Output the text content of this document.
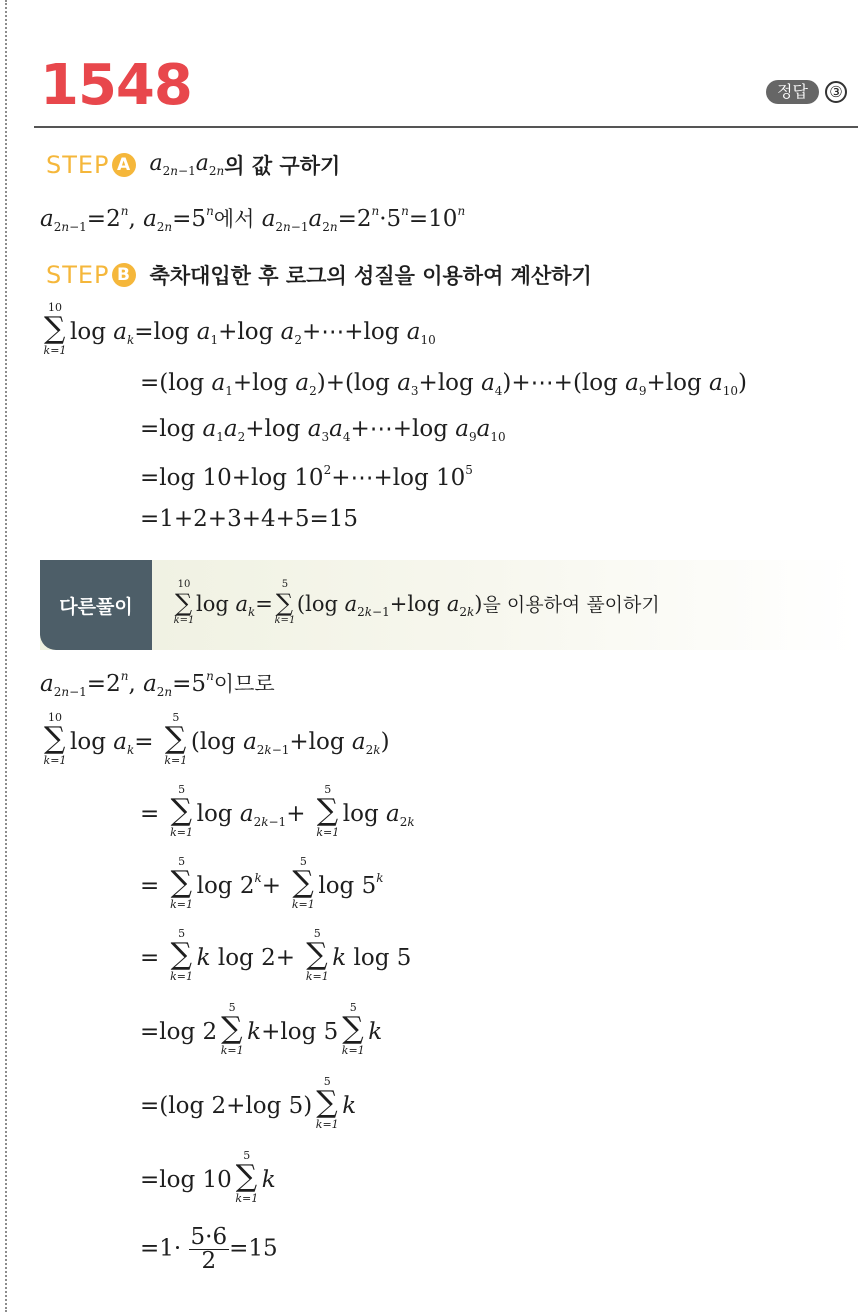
1548	정답	③
STEP A $a_{2n-1}a_{2n}$ 의 값 구하기
$a_{2n-1}=2^n$, $a_{2n}=5^n$에서 $a_{2n-1}a_{2n}=2^n\cdot 5^n=10^n$
STEP B 축차대입한 후 로그의 성질을 이용하여 계산하기
10
∑
k=1
$\log a_k=\log$ $a_1+\log$ $a_2+\cdots+\log$ $a_{10}$
=(log $a_1+\log$ $a_2)+(\log$ $a_3+\log$ $a_4)+\cdots+(\log$ $a_9+\log$ $a_{10}$)
=log $a_1a_2+\log$ $a_3a_4+\cdots+\log$ $a_9a_{10}$
=log 10+log $10^2+\cdots+\log$ $10^5$
=1+2+3+4+5=15
다른풀이
10
∑
k=1
$\log a_k=$
5
∑
k=1
(log $a_{2k-1}+\log$ $a_{2k}$)을 이용하여 풀이하기
$a_{2n-1}=2^n$, $a_{2n}=5^n$이므로
10
∑
k=1
$\log a_k=$
5
∑
k=1
(log $a_{2k-1}+\log$ $a_{2k}$)
=
5
∑
k=1
$\log a_{2k-1}+$
5
∑
k=1
$\log a_{2k}$
=
5
∑
k=1
$\log 2^k+$
5
∑
k=1
$\log 5^k$
=
5
∑
k=1
k log 2+
5
∑
k=1
k log 5
=log 2
5
∑
k=1
k+log 5
5
∑
k=1
k
=(log 2+log 5)
5
∑
k=1
k
=log 10
5
∑
k=1
k
$=1\cdot \frac{5\cdot 6}{2} =15$
